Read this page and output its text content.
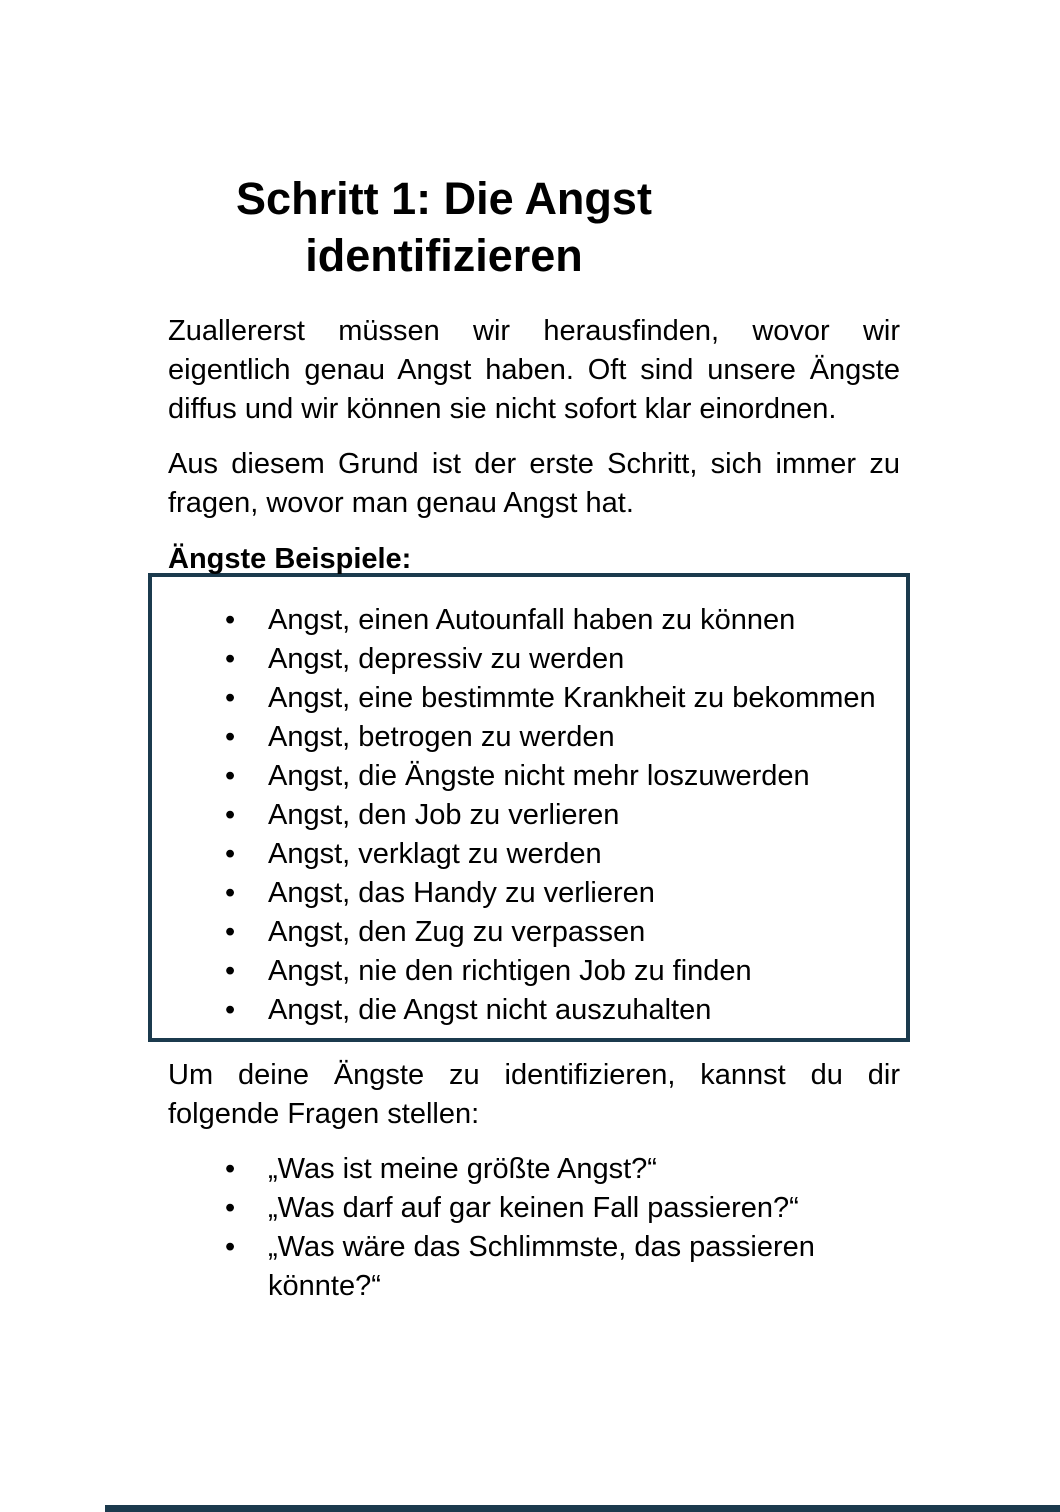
Schritt 1: Die Angst
identifizieren

Zuallererst müssen wir herausfinden, wovor wir eigentlich genau Angst haben. Oft sind unsere Ängste diffus und wir können sie nicht sofort klar einordnen.

Aus diesem Grund ist der erste Schritt, sich immer zu fragen, wovor man genau Angst hat.

Ängste Beispiele:
•	Angst, einen Autounfall haben zu können
•	Angst, depressiv zu werden
•	Angst, eine bestimmte Krankheit zu bekommen
•	Angst, betrogen zu werden
•	Angst, die Ängste nicht mehr loszuwerden
•	Angst, den Job zu verlieren
•	Angst, verklagt zu werden
•	Angst, das Handy zu verlieren
•	Angst, den Zug zu verpassen
•	Angst, nie den richtigen Job zu finden
•	Angst, die Angst nicht auszuhalten

Um deine Ängste zu identifizieren, kannst du dir folgende Fragen stellen:

•	„Was ist meine größte Angst?“
•	„Was darf auf gar keinen Fall passieren?“
•	„Was wäre das Schlimmste, das passieren könnte?“
